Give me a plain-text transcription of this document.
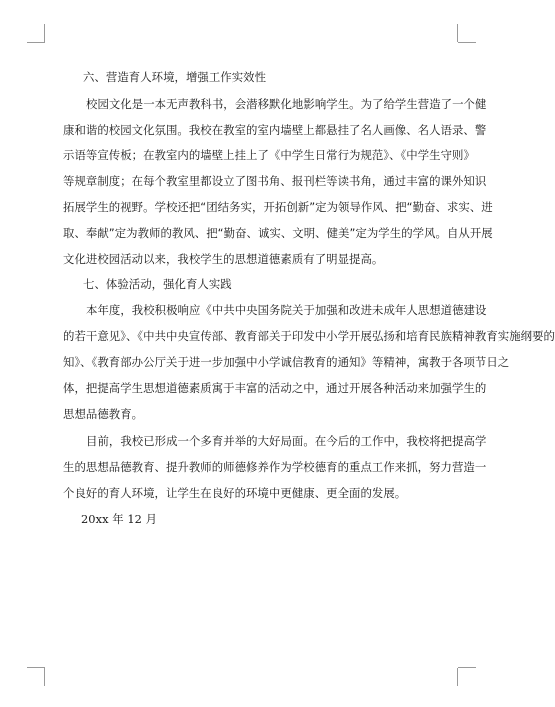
六、营造育人环境，增强工作实效性
校园文化是一本无声教科书，会潜移默化地影响学生。为了给学生营造了一个健
康和谐的校园文化氛围。我校在教室的室内墙壁上都悬挂了名人画像、名人语录、警
示语等宣传板；在教室内的墙壁上挂上了《中学生日常行为规范》、《中学生守则》
等规章制度；在每个教室里都设立了图书角、报刊栏等读书角，通过丰富的课外知识
拓展学生的视野。学校还把“团结务实，开拓创新”定为领导作风、把“勤奋、求实、进
取、奉献”定为教师的教风、把“勤奋、诚实、文明、健美”定为学生的学风。自从开展
文化进校园活动以来，我校学生的思想道德素质有了明显提高。
七、体验活动，强化育人实践
本年度，我校积极响应《中共中央国务院关于加强和改进未成年人思想道德建设
的若干意见》、《中共中央宣传部、教育部关于印发中小学开展弘扬和培育民族精神教育实施纲要的
知》、《教育部办公厅关于进一步加强中小学诚信教育的通知》等精神，寓教于各项节日之
体，把提高学生思想道德素质寓于丰富的活动之中，通过开展各种活动来加强学生的
思想品德教育。
目前，我校已形成一个多育并举的大好局面。在今后的工作中，我校将把提高学
生的思想品德教育、提升教师的师德修养作为学校德育的重点工作来抓，努力营造一
个良好的育人环境，让学生在良好的环境中更健康、更全面的发展。
20xx 年 12 月
